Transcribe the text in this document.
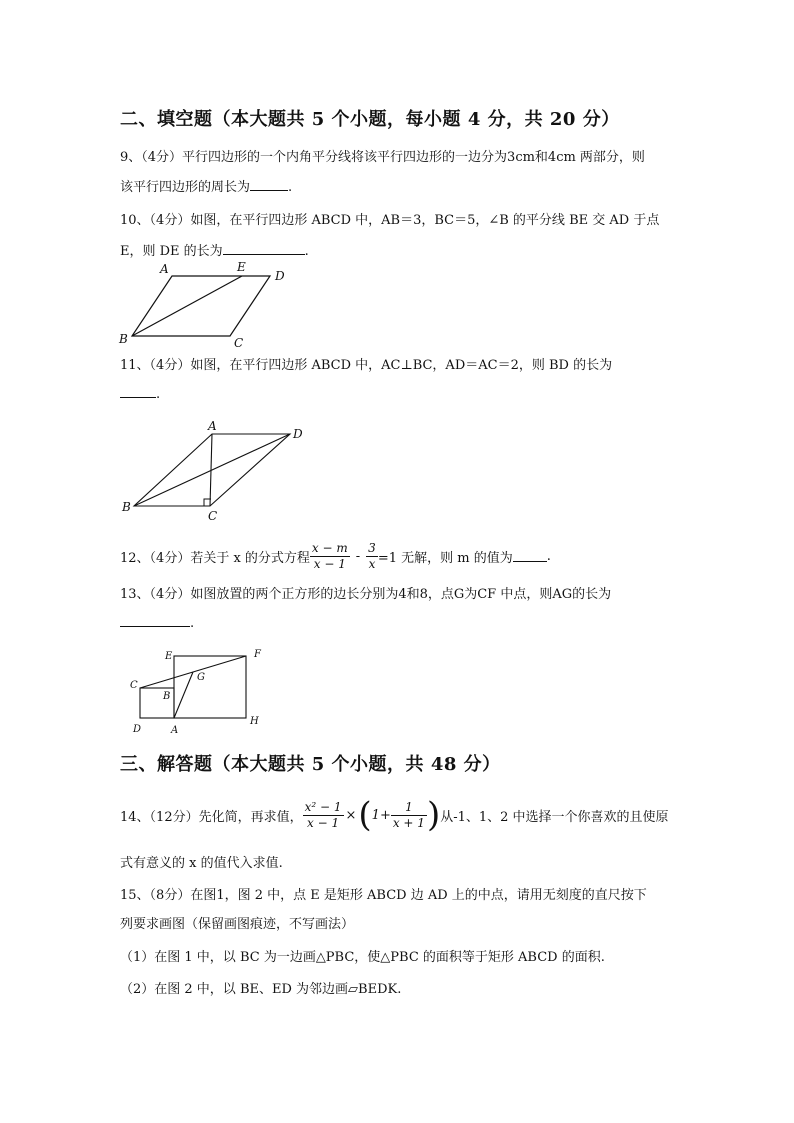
二、填空题（本大题共 5 个小题，每小题 4 分，共 20 分）
9、（4分）平行四边形的一个内角平分线将该平行四边形的一边分为3cm和4cm 两部分，则
该平行四边形的周长为	.
10、（4分）如图，在平行四边形 ABCD 中，AB＝3，BC＝5，∠B 的平分线 BE 交 AD 于点
E，则 DE 的长为	.
A	E
D
B	C
11、（4分）如图，在平行四边形 ABCD 中，AC⊥BC，AD＝AC＝2，则 BD 的长为
.
A
D
B
C
12、（4分）若关于 x 的分式方程 $\frac{x - m}{x - 1} - \frac{3}{x} =1$ 无解，则 m 的值为	.
13、（4分）如图放置的两个正方形的边长分别为4和8，点G为CF 中点，则AG的长为
.
E	F
C
G
B
D	A
H
三、解答题（本大题共 5 个小题，共 48 分）
14、（12分）先化简，再求值， $\frac{\text{x² − 1}}{x - 1}$ × ( $1+ \frac{1}{x + 1}$ ) 从-1、1、2 中选择一个你喜欢的且使原
式有意义的 x 的值代入求值.
15、（8分）在图1，图 2 中，点 E 是矩形 ABCD 边 AD 上的中点，请用无刻度的直尺按下
列要求画图（保留画图痕迹，不写画法）
（1）在图 1 中，以 BC 为一边画△PBC，使△PBC 的面积等于矩形 ABCD 的面积.
（2）在图 2 中，以 BE、ED 为邻边画▱BEDK.
